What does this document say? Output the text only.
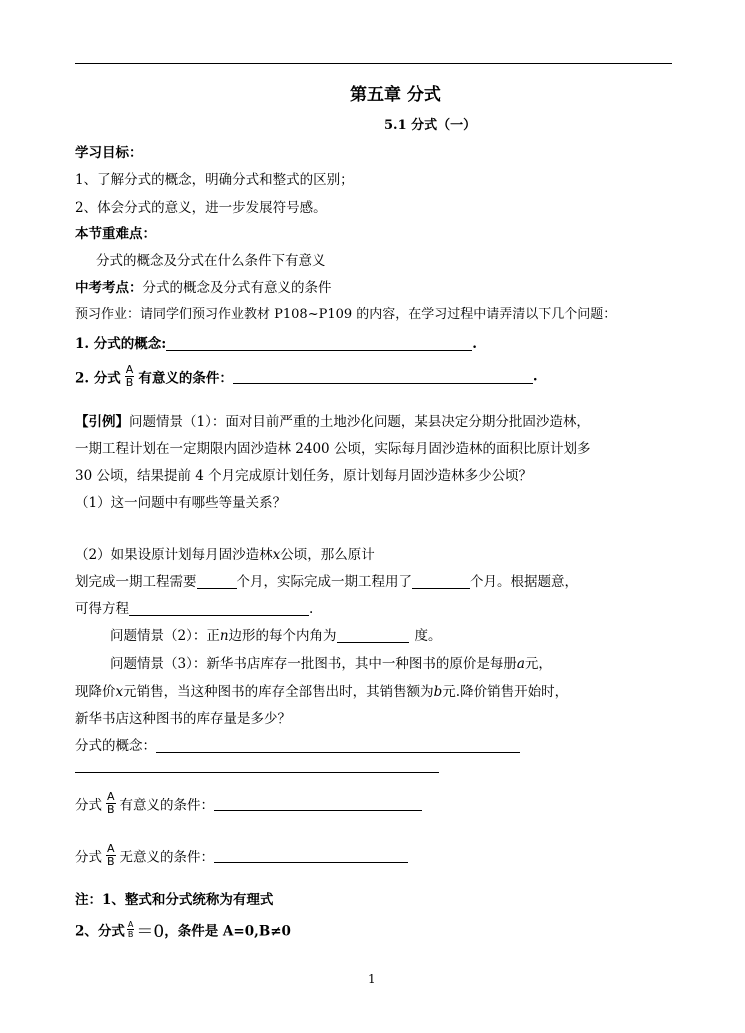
第五章 分式
5.1 分式（一）
学习目标：
1、了解分式的概念，明确分式和整式的区别；
2、体会分式的意义，进一步发展符号感。
本节重难点：
分式的概念及分式在什么条件下有意义
中考考点：分式的概念及分式有意义的条件
预习作业：请同学们预习作业教材 P108~P109 的内容，在学习过程中请弄清以下几个问题：
1. 分式的概念:	.
2. 分式 $\frac{A}{B}$ 有意义的条件：	.
【引例】问题情景（1）：面对目前严重的土地沙化问题，某县决定分期分批固沙造林，
一期工程计划在一定期限内固沙造林 2400 公顷，实际每月固沙造林的面积比原计划多
30 公顷，结果提前 4 个月完成原计划任务，原计划每月固沙造林多少公顷？
（1）这一问题中有哪些等量关系？
（2）如果设原计划每月固沙造林x公顷，那么原计
划完成一期工程需要	个月，实际完成一期工程用了	个月。根据题意，
可得方程	.
问题情景（2）：正n边形的每个内角为	度。
问题情景（3）：新华书店库存一批图书，其中一种图书的原价是每册a元，
现降价x元销售，当这种图书的库存全部售出时，其销售额为b元.降价销售开始时，
新华书店这种图书的库存量是多少？
分式的概念：
分式 $\frac{A}{B}$ 有意义的条件：
分式 $\frac{A}{B}$ 无意义的条件：
注：1、整式和分式统称为有理式
2、分式 $\frac{A}{B} =0$，条件是 A=0,B≠0
1
